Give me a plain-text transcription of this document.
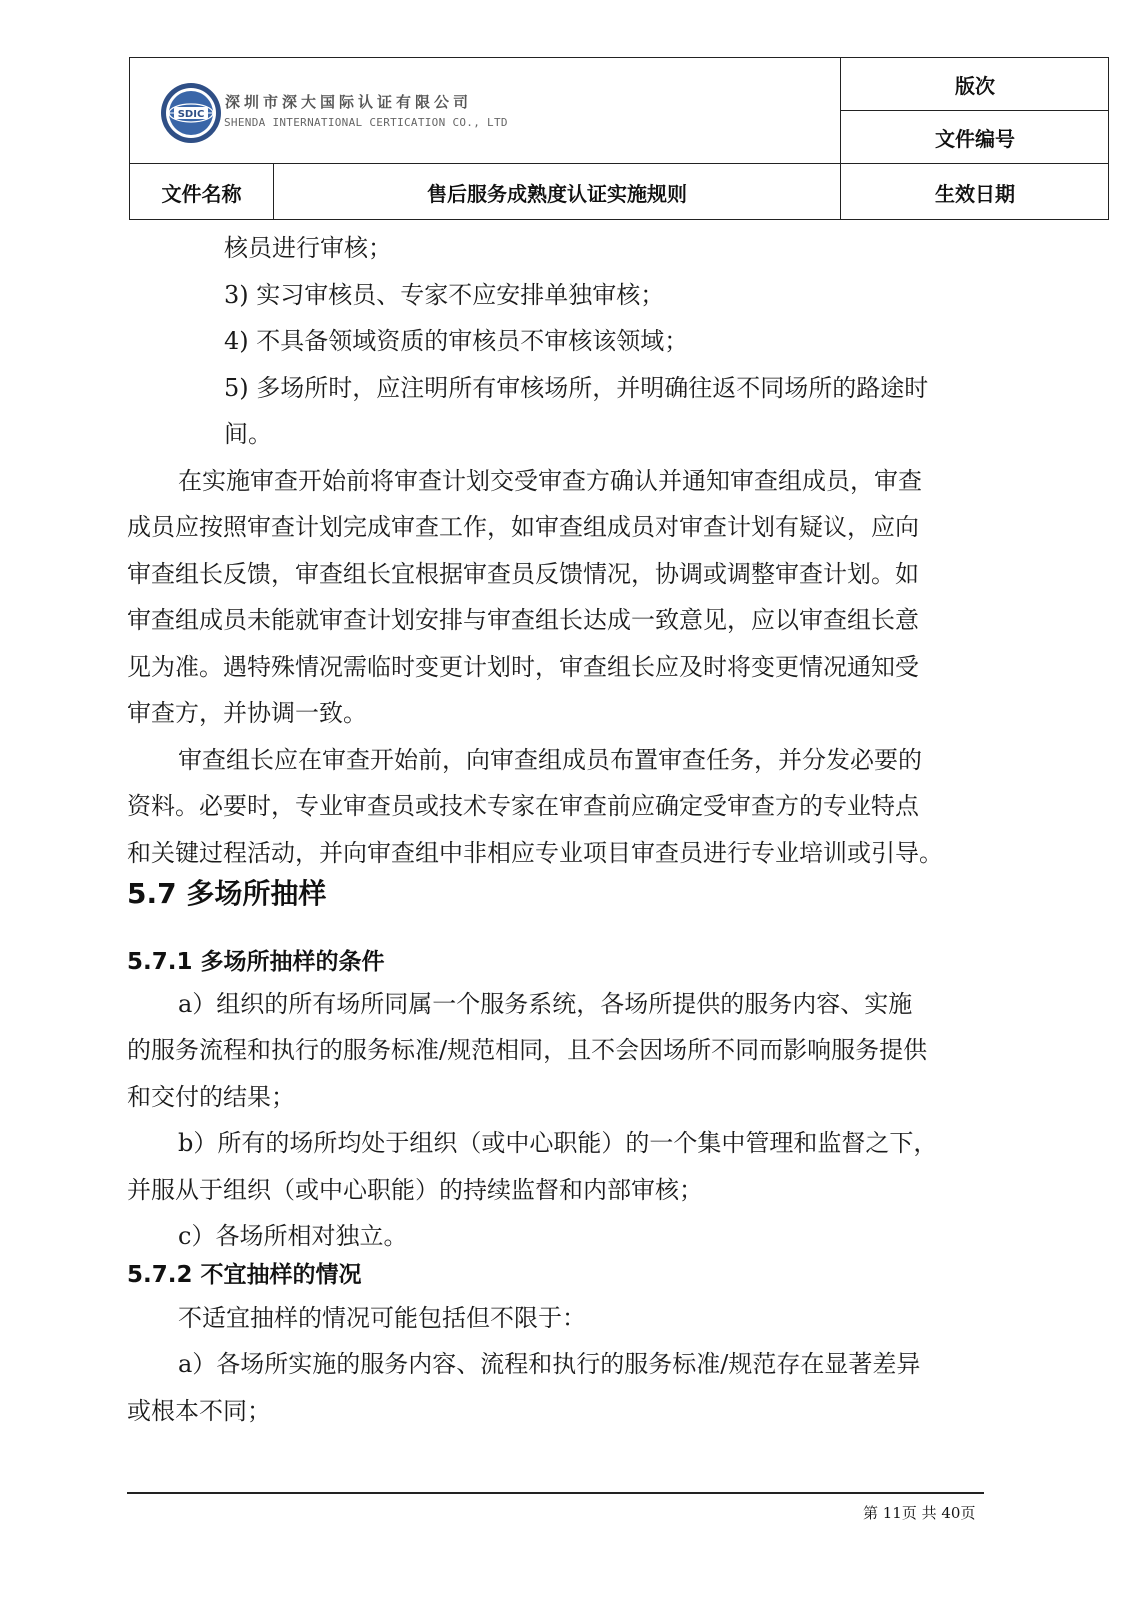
SDIC
深圳市深大国际认证有限公司
SHENDA INTERNATIONAL CERTICATION CO., LTD
版次
文件编号
文件名称	售后服务成熟度认证实施规则	生效日期
核员进行审核；
3) 实习审核员、专家不应安排单独审核；
4) 不具备领域资质的审核员不审核该领域；
5) 多场所时，应注明所有审核场所，并明确往返不同场所的路途时
间。
在实施审查开始前将审查计划交受审查方确认并通知审查组成员，审查
成员应按照审查计划完成审查工作，如审查组成员对审查计划有疑议，应向
审查组长反馈，审查组长宜根据审查员反馈情况，协调或调整审查计划。如
审查组成员未能就审查计划安排与审查组长达成一致意见，应以审查组长意
见为准。遇特殊情况需临时变更计划时，审查组长应及时将变更情况通知受
审查方，并协调一致。
审查组长应在审查开始前，向审查组成员布置审查任务，并分发必要的
资料。必要时，专业审查员或技术专家在审查前应确定受审查方的专业特点
和关键过程活动，并向审查组中非相应专业项目审查员进行专业培训或引导。
5.7 多场所抽样
5.7.1 多场所抽样的条件
a）组织的所有场所同属一个服务系统，各场所提供的服务内容、实施
的服务流程和执行的服务标准/规范相同，且不会因场所不同而影响服务提供
和交付的结果；
b）所有的场所均处于组织（或中心职能）的一个集中管理和监督之下，
并服从于组织（或中心职能）的持续监督和内部审核；
c）各场所相对独立。
5.7.2 不宜抽样的情况
不适宜抽样的情况可能包括但不限于：
a）各场所实施的服务内容、流程和执行的服务标准/规范存在显著差异
或根本不同；
第 11页 共 40页
